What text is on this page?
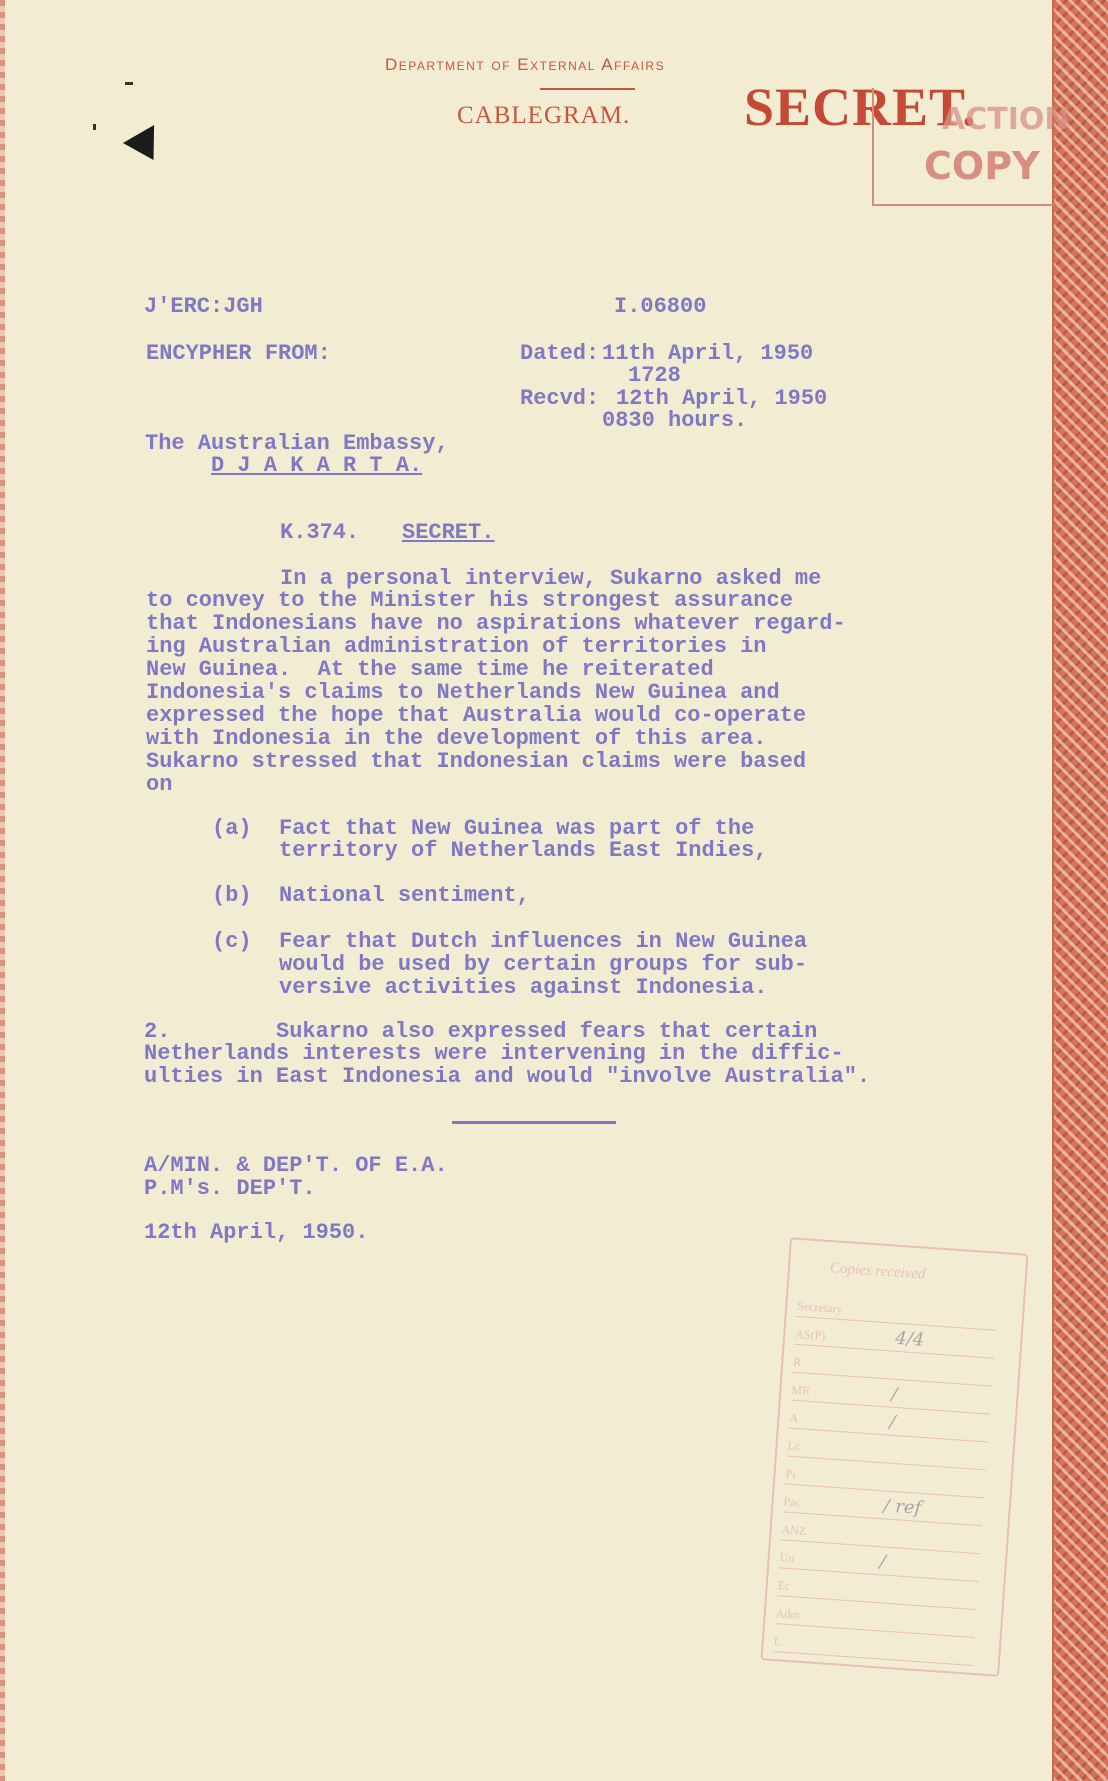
Department of External Affairs
CABLEGRAM. SECRET.
ACTION
COPY
J'ERC:JGH	I.06800
ENCYPHER FROM:	Dated: 11th April, 1950
1728
Recvd: 12th April, 1950
0830 hours.
The Australian Embassy,
D J A K A R T A.
K.374. SECRET.
In a personal interview, Sukarno asked me
to convey to the Minister his strongest assurance
that Indonesians have no aspirations whatever regard-
ing Australian administration of territories in
New Guinea.  At the same time he reiterated
Indonesia's claims to Netherlands New Guinea and
expressed the hope that Australia would co-operate
with Indonesia in the development of this area.
Sukarno stressed that Indonesian claims were based
on
(a) Fact that New Guinea was part of the
territory of Netherlands East Indies,
(b) National sentiment,
(c) Fear that Dutch influences in New Guinea
would be used by certain groups for sub-
versive activities against Indonesia.
2.	Sukarno also expressed fears that certain
Netherlands interests were intervening in the diffic-
ulties in East Indonesia and would "involve Australia".
A/MIN. & DEP'T. OF E.A.
P.M's. DEP'T.
12th April, 1950.
Copies received
Secretary
AS(P)	4/4
R
MR	/
A	/
Lc
Pi
Pac	/ ref
ANZ
Un	/
Ec
Adm
L
